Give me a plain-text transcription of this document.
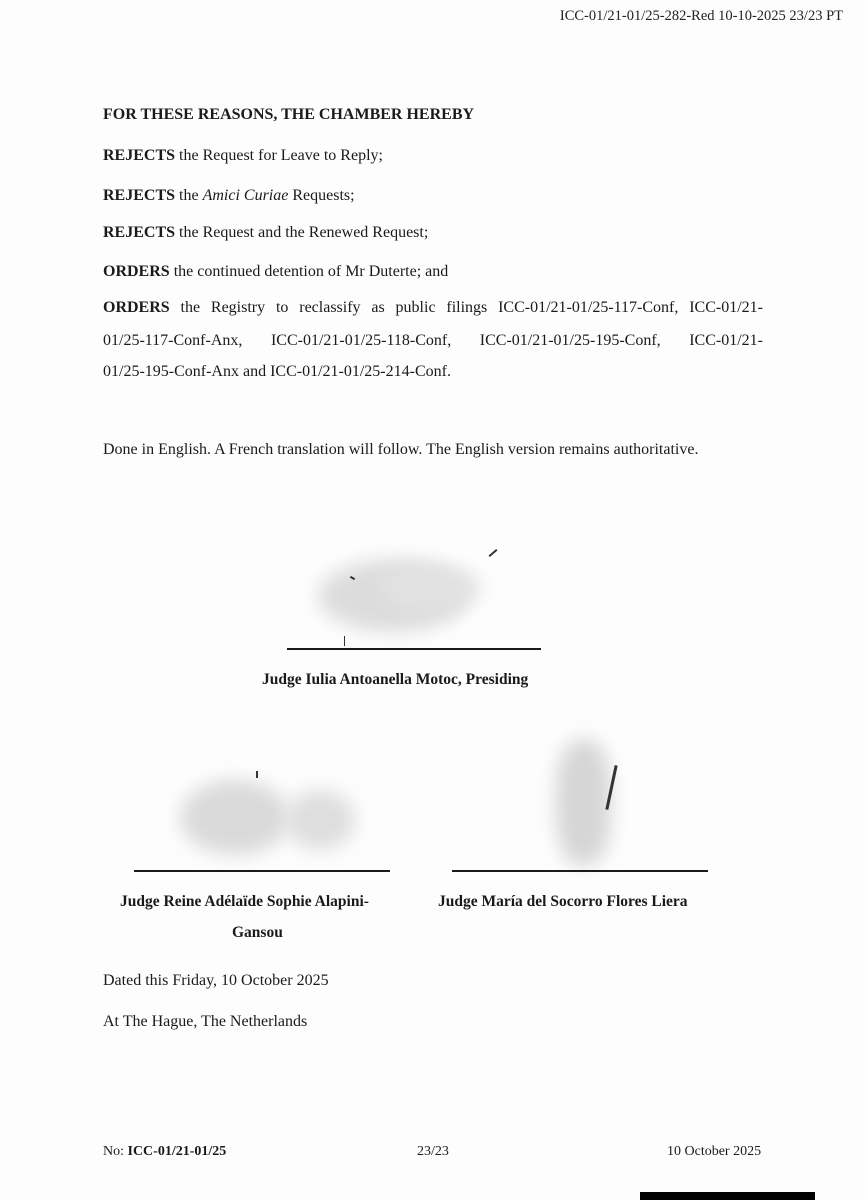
ICC-01/21-01/25-282-Red 10-10-2025 23/23 PT
FOR THESE REASONS, THE CHAMBER HEREBY
REJECTS the Request for Leave to Reply;
REJECTS the Amici Curiae Requests;
REJECTS the Request and the Renewed Request;
ORDERS the continued detention of Mr Duterte; and
ORDERS the Registry to reclassify as public filings ICC-01/21-01/25-117-Conf, ICC-01/21-
01/25-117-Conf-Anx, ICC-01/21-01/25-118-Conf, ICC-01/21-01/25-195-Conf, ICC-01/21-
01/25-195-Conf-Anx and ICC-01/21-01/25-214-Conf.
Done in English. A French translation will follow. The English version remains authoritative.
Judge Iulia Antoanella Motoc, Presiding
Judge Reine Adélaïde Sophie Alapini-
Gansou
Judge María del Socorro Flores Liera
Dated this Friday, 10 October 2025
At The Hague, The Netherlands
No: ICC-01/21-01/25	23/23	10 October 2025
